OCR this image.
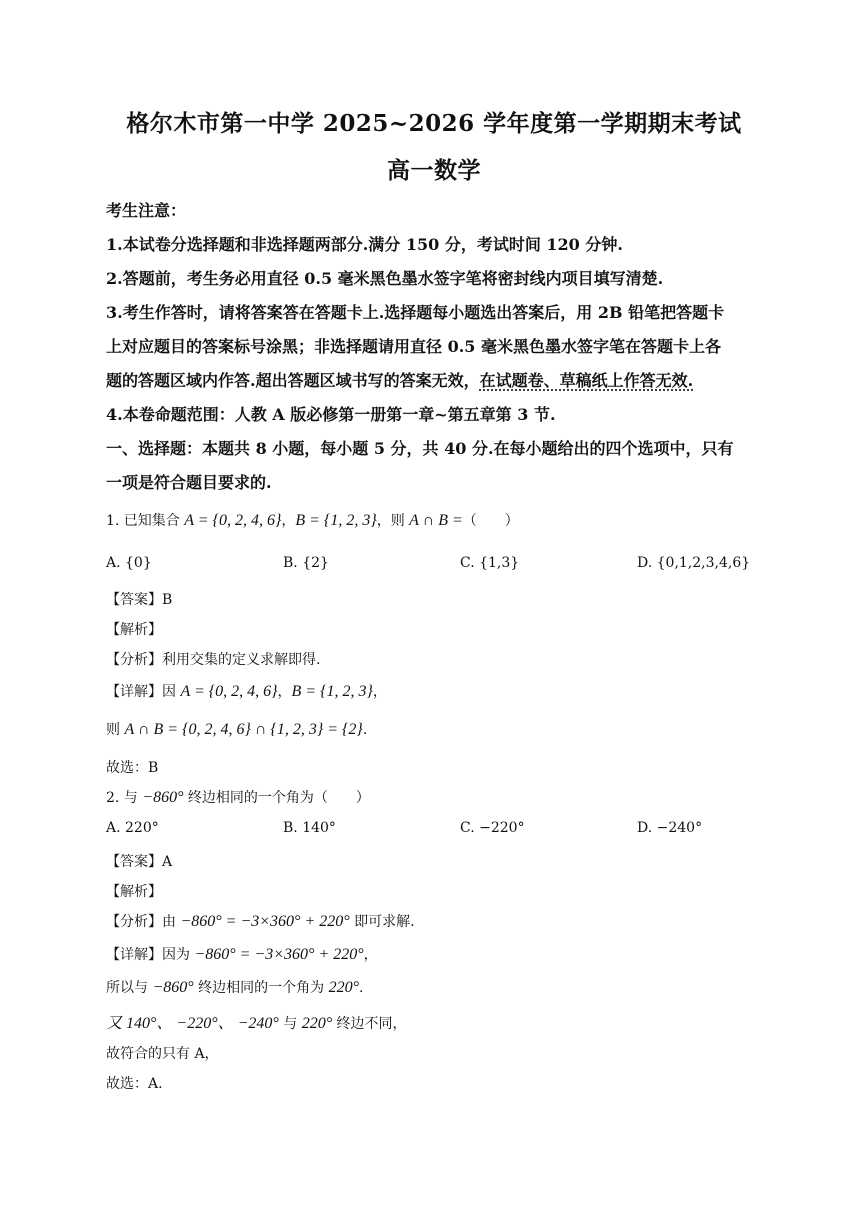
格尔木市第一中学 2025~2026 学年度第一学期期末考试
高一数学
考生注意：
1.本试卷分选择题和非选择题两部分.满分 150 分，考试时间 120 分钟.
2.答题前，考生务必用直径 0.5 毫米黑色墨水签字笔将密封线内项目填写清楚.
3.考生作答时，请将答案答在答题卡上.选择题每小题选出答案后，用 2B 铅笔把答题卡
上对应题目的答案标号涂黑；非选择题请用直径 0.5 毫米黑色墨水签字笔在答题卡上各
题的答题区域内作答.超出答题区域书写的答案无效，在试题卷、草稿纸上作答无效.
4.本卷命题范围：人教 A 版必修第一册第一章~第五章第 3 节.
一、选择题：本题共 8 小题，每小题 5 分，共 40 分.在每小题给出的四个选项中，只有
一项是符合题目要求的.
1. 已知集合 A = {0, 2, 4, 6}，B = {1, 2, 3}，则 A ∩ B =（　　）
A. {0}	B. {2}	C. {1,3}	D. {0,1,2,3,4,6}
【答案】B
【解析】
【分析】利用交集的定义求解即得.
【详解】因 A = {0, 2, 4, 6}，B = {1, 2, 3}，
则 A ∩ B = {0, 2, 4, 6} ∩ {1, 2, 3} = {2}.
故选：B
2. 与 −860° 终边相同的一个角为（　　）
A. 220°	B. 140°	C. −220°	D. −240°
【答案】A
【解析】
【分析】由 −860° = −3×360° + 220° 即可求解.
【详解】因为 −860° = −3×360° + 220°，
所以与 −860° 终边相同的一个角为 220°.
又 140°、 −220°、 −240° 与 220° 终边不同，
故符合的只有 A，
故选：A.
